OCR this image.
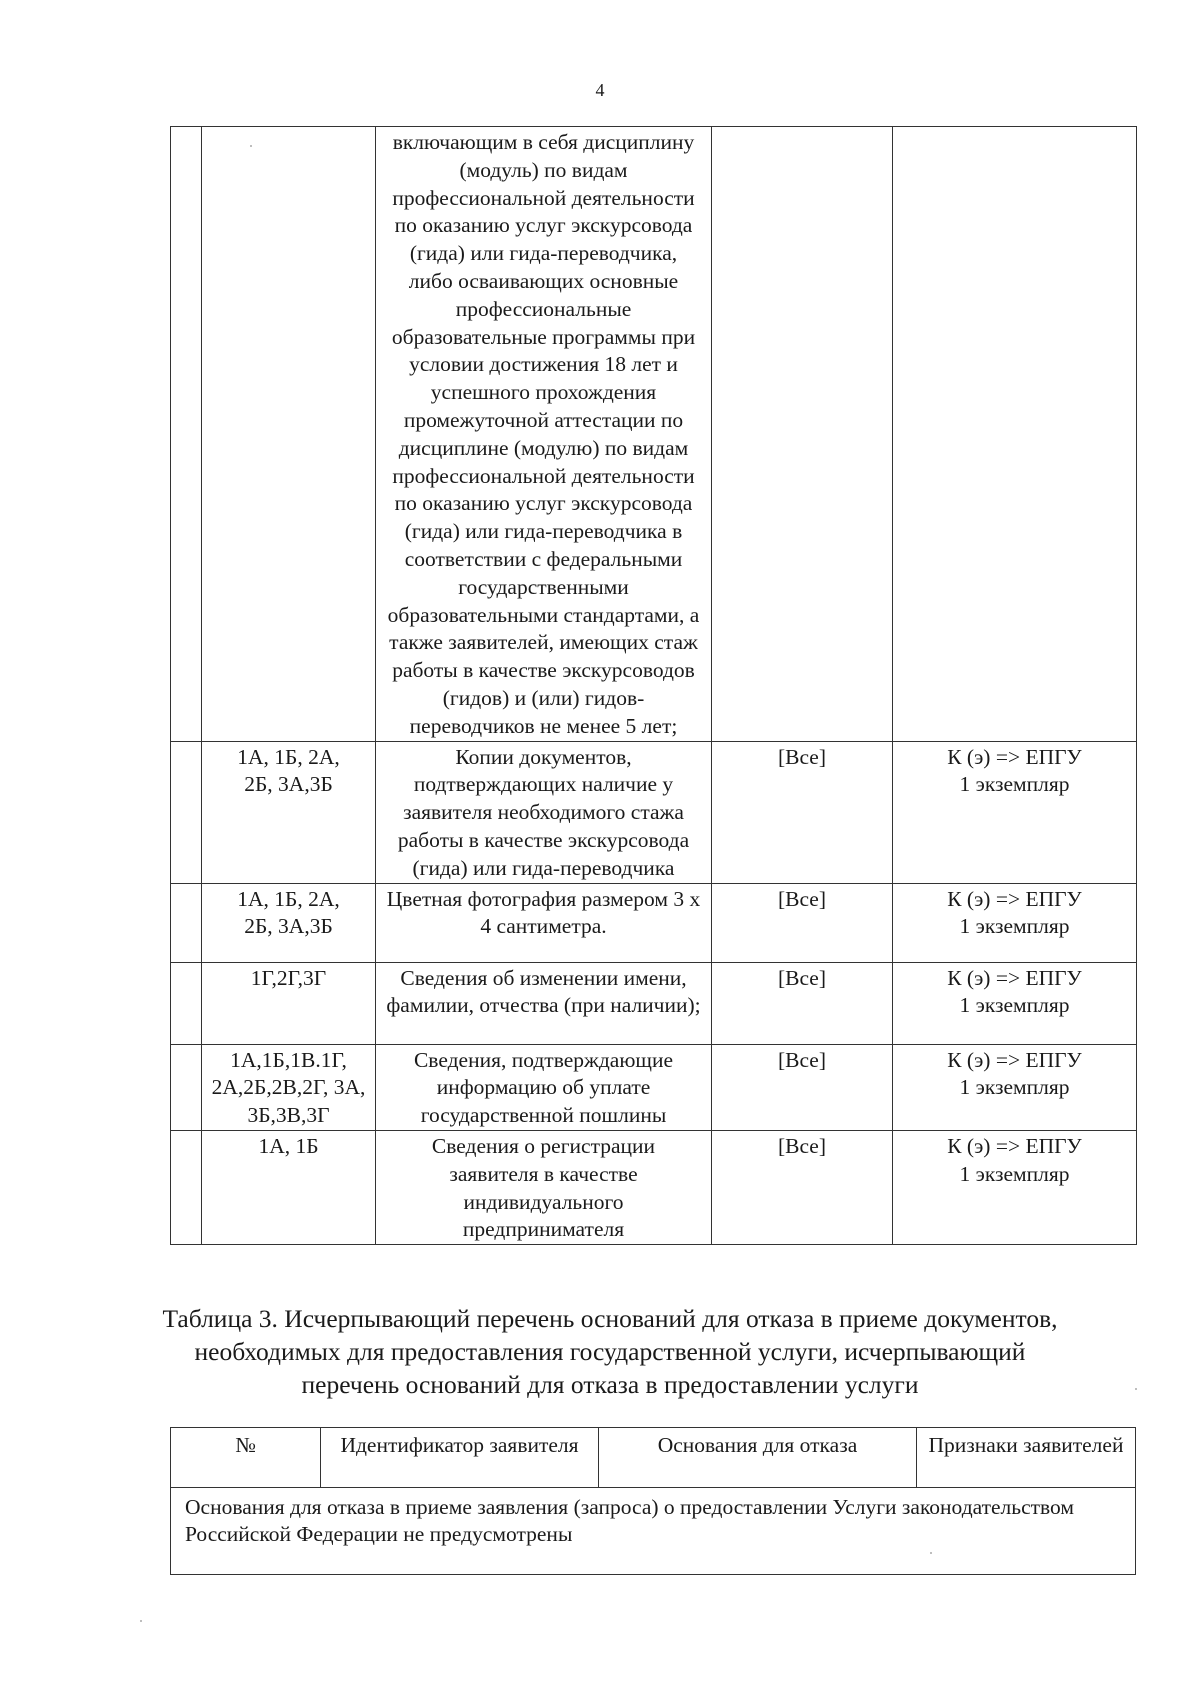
4
		включающим в себя дисциплину (модуль) по видам профессиональной деятельности по оказанию услуг экскурсовода (гида) или гида-переводчика, либо осваивающих основные профессиональные образовательные программы при условии достижения 18 лет и успешного прохождения промежуточной аттестации по дисциплине (модулю) по видам профессиональной деятельности по оказанию услуг экскурсовода (гида) или гида-переводчика в соответствии с федеральными государственными образовательными стандартами, а также заявителей, имеющих стаж работы в качестве экскурсоводов (гидов) и (или) гидов-переводчиков не менее 5 лет;		

	1А, 1Б, 2А, 2Б, 3А,3Б	Копии документов, подтверждающих наличие у заявителя необходимого стажа работы в качестве экскурсовода (гида) или гида-переводчика	[Все]	К (э) => ЕПГУ
1 экземпляр

	1А, 1Б, 2А, 2Б, 3А,3Б	Цветная фотография размером 3 х 4 сантиметра.	[Все]	К (э) => ЕПГУ
1 экземпляр

	1Г,2Г,3Г	Сведения об изменении имени, фамилии, отчества (при наличии);	[Все]	К (э) => ЕПГУ
1 экземпляр

	1А,1Б,1В.1Г, 2А,2Б,2В,2Г, 3А, 3Б,3В,3Г	Сведения, подтверждающие информацию об уплате государственной пошлины	[Все]	К (э) => ЕПГУ
1 экземпляр

	1А, 1Б	Сведения о регистрации заявителя в качестве индивидуального предпринимателя	[Все]	К (э) => ЕПГУ
1 экземпляр
Таблица 3. Исчерпывающий перечень оснований для отказа в приеме документов, необходимых для предоставления государственной услуги, исчерпывающий перечень оснований для отказа в предоставлении услуги
№	Идентификатор заявителя	Основания для отказа	Признаки заявителей
Основания для отказа в приеме заявления (запроса) о предоставлении Услуги законодательством Российской Федерации не предусмотрены
